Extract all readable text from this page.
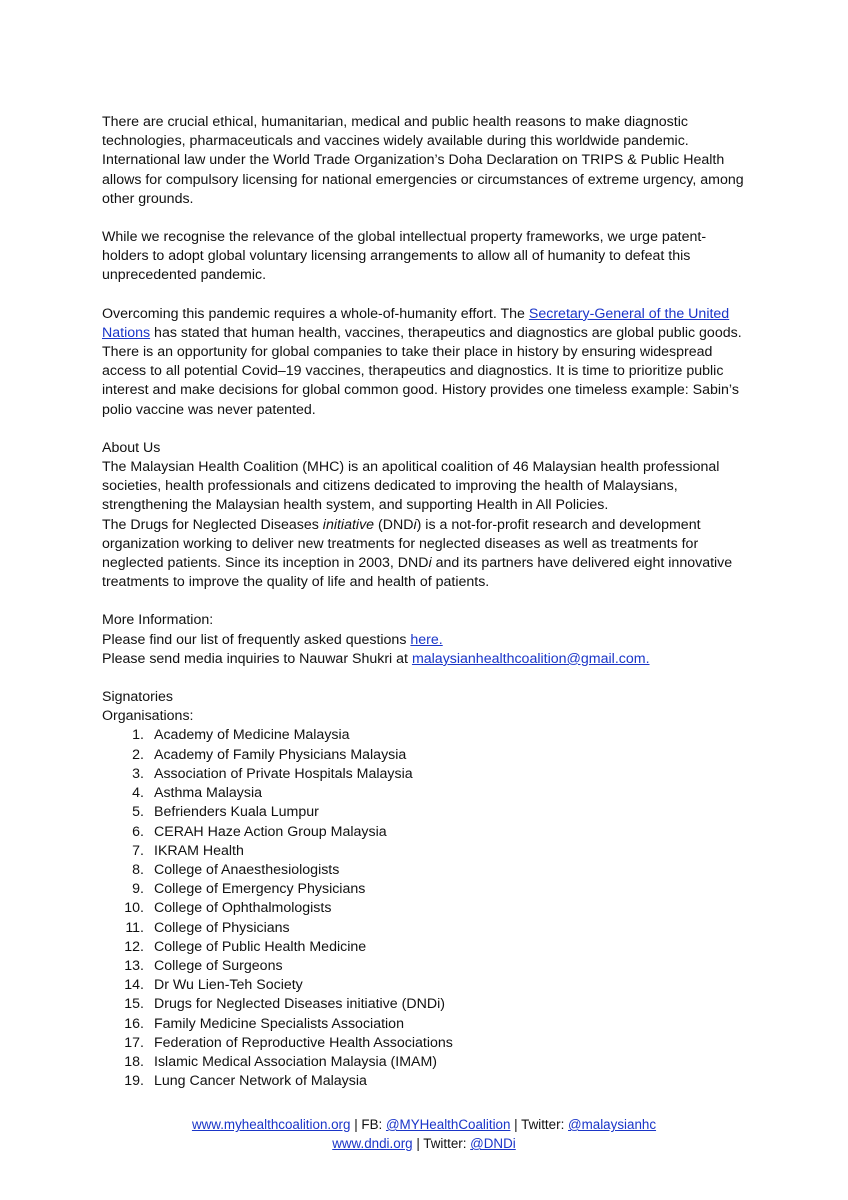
There are crucial ethical, humanitarian, medical and public health reasons to make diagnostic technologies, pharmaceuticals and vaccines widely available during this worldwide pandemic. International law under the World Trade Organization’s Doha Declaration on TRIPS & Public Health allows for compulsory licensing for national emergencies or circumstances of extreme urgency, among other grounds.

While we recognise the relevance of the global intellectual property frameworks, we urge patent-holders to adopt global voluntary licensing arrangements to allow all of humanity to defeat this unprecedented pandemic.

Overcoming this pandemic requires a whole-of-humanity effort. The Secretary-General of the United Nations has stated that human health, vaccines, therapeutics and diagnostics are global public goods. There is an opportunity for global companies to take their place in history by ensuring widespread access to all potential Covid–19 vaccines, therapeutics and diagnostics. It is time to prioritize public interest and make decisions for global common good. History provides one timeless example: Sabin’s polio vaccine was never patented.

About Us

The Malaysian Health Coalition (MHC) is an apolitical coalition of 46 Malaysian health professional societies, health professionals and citizens dedicated to improving the health of Malaysians, strengthening the Malaysian health system, and supporting Health in All Policies.

The Drugs for Neglected Diseases initiative (DNDi) is a not-for-profit research and development organization working to deliver new treatments for neglected diseases as well as treatments for neglected patients. Since its inception in 2003, DNDi and its partners have delivered eight innovative treatments to improve the quality of life and health of patients.

More Information:

Please find our list of frequently asked questions here.

Please send media inquiries to Nauwar Shukri at malaysianhealthcoalition@gmail.com.

Signatories

Organisations:

1. Academy of Medicine Malaysia
2. Academy of Family Physicians Malaysia
3. Association of Private Hospitals Malaysia
4. Asthma Malaysia
5. Befrienders Kuala Lumpur
6. CERAH Haze Action Group Malaysia
7. IKRAM Health
8. College of Anaesthesiologists
9. College of Emergency Physicians
10. College of Ophthalmologists
11. College of Physicians
12. College of Public Health Medicine
13. College of Surgeons
14. Dr Wu Lien-Teh Society
15. Drugs for Neglected Diseases initiative (DNDi)
16. Family Medicine Specialists Association
17. Federation of Reproductive Health Associations
18. Islamic Medical Association Malaysia (IMAM)
19. Lung Cancer Network of Malaysia
www.myhealthcoalition.org | FB: @MYHealthCoalition | Twitter: @malaysianhc
www.dndi.org | Twitter: @DNDi
